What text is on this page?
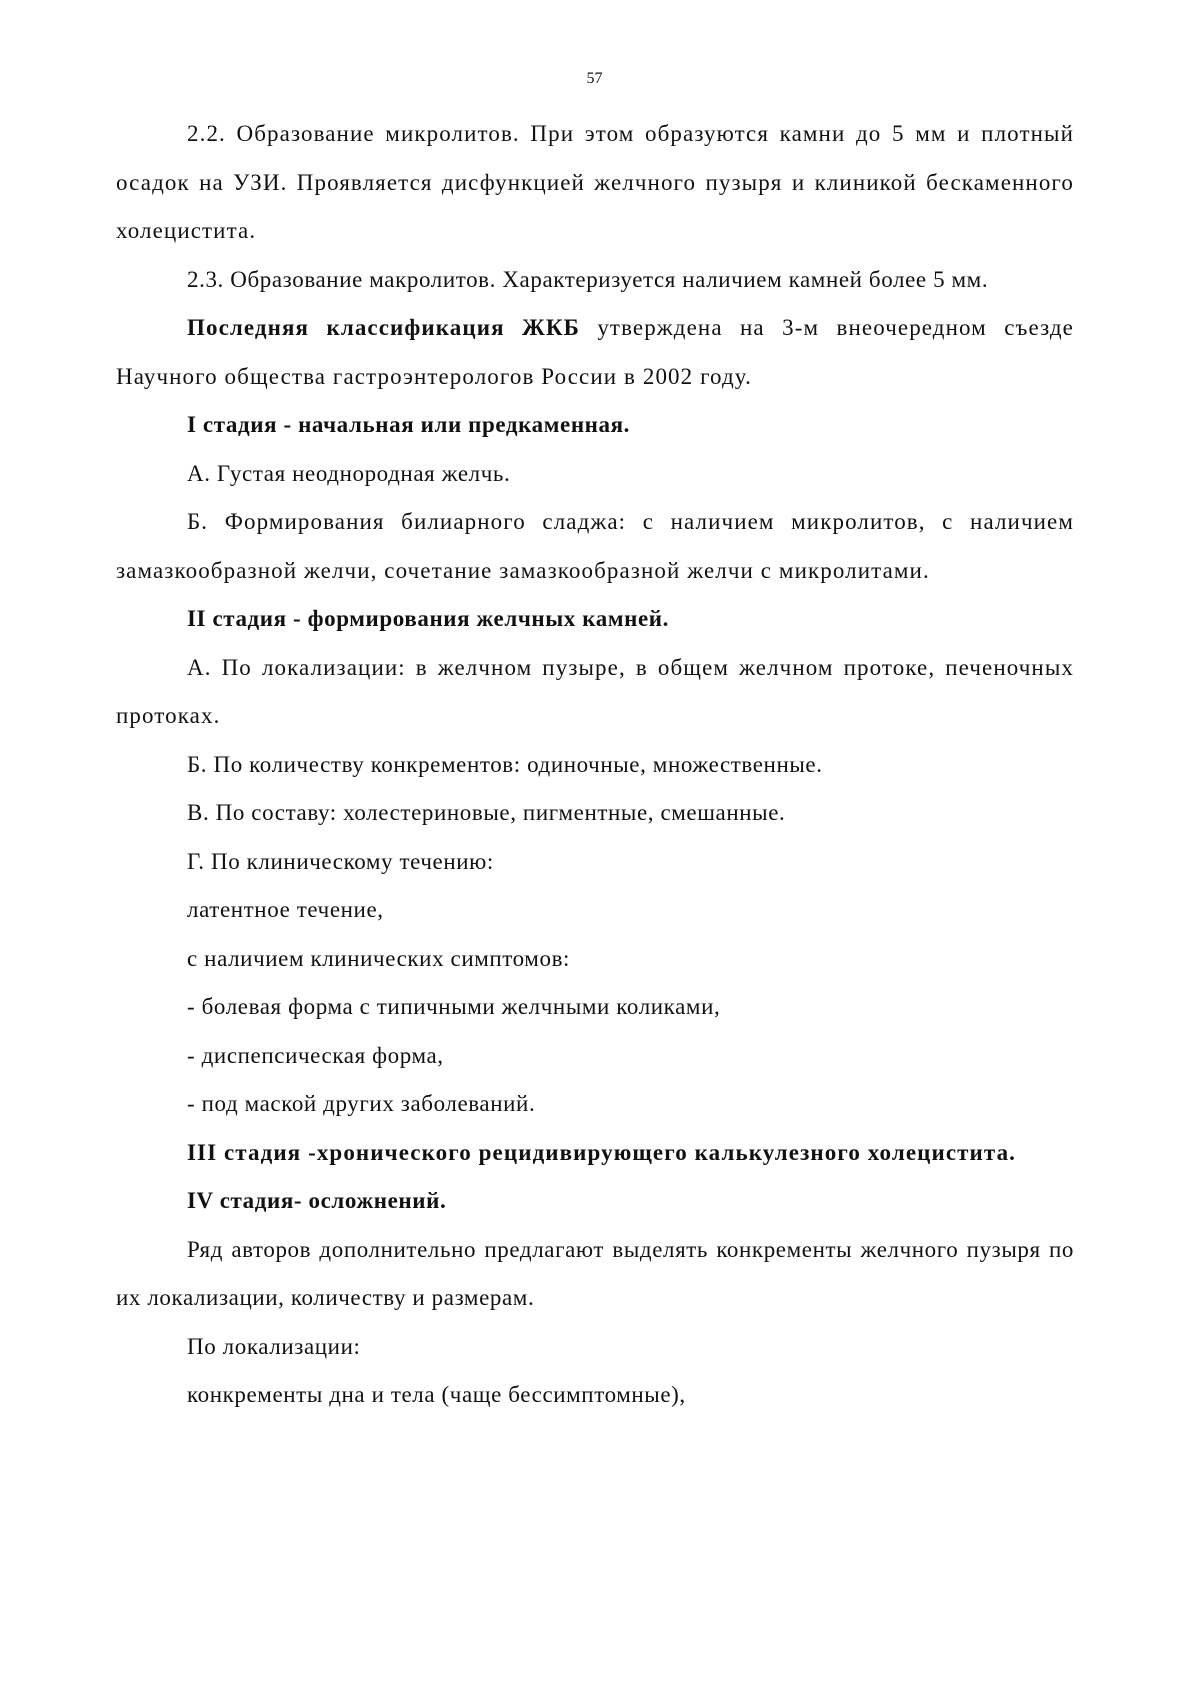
57

2.2. Образование микролитов. При этом образуются камни до 5 мм и плотный осадок на УЗИ. Проявляется дисфункцией желчного пузыря и клиникой бескаменного холецистита.

2.3. Образование макролитов. Характеризуется наличием камней более 5 мм.

Последняя классификация ЖКБ утверждена на 3-м внеочередном съезде Научного общества гастроэнтерологов России в 2002 году.

I стадия - начальная или предкаменная.

А. Густая неоднородная желчь.

Б. Формирования билиарного сладжа: с наличием микролитов, с наличием замазкообразной желчи, сочетание замазкообразной желчи с микролитами.

II стадия - формирования желчных камней.

А. По локализации: в желчном пузыре, в общем желчном протоке, печеночных протоках.

Б. По количеству конкрементов: одиночные, множественные.

В. По составу: холестериновые, пигментные, смешанные.

Г. По клиническому течению:

латентное течение,

с наличием клинических симптомов:

- болевая форма с типичными желчными коликами,

- диспепсическая форма,

- под маской других заболеваний.

III стадия -хронического рецидивирующего калькулезного холецистита.

IV стадия- осложнений.

Ряд авторов дополнительно предлагают выделять конкременты желчного пузыря по их локализации, количеству и размерам.

По локализации:

конкременты дна и тела (чаще бессимптомные),
